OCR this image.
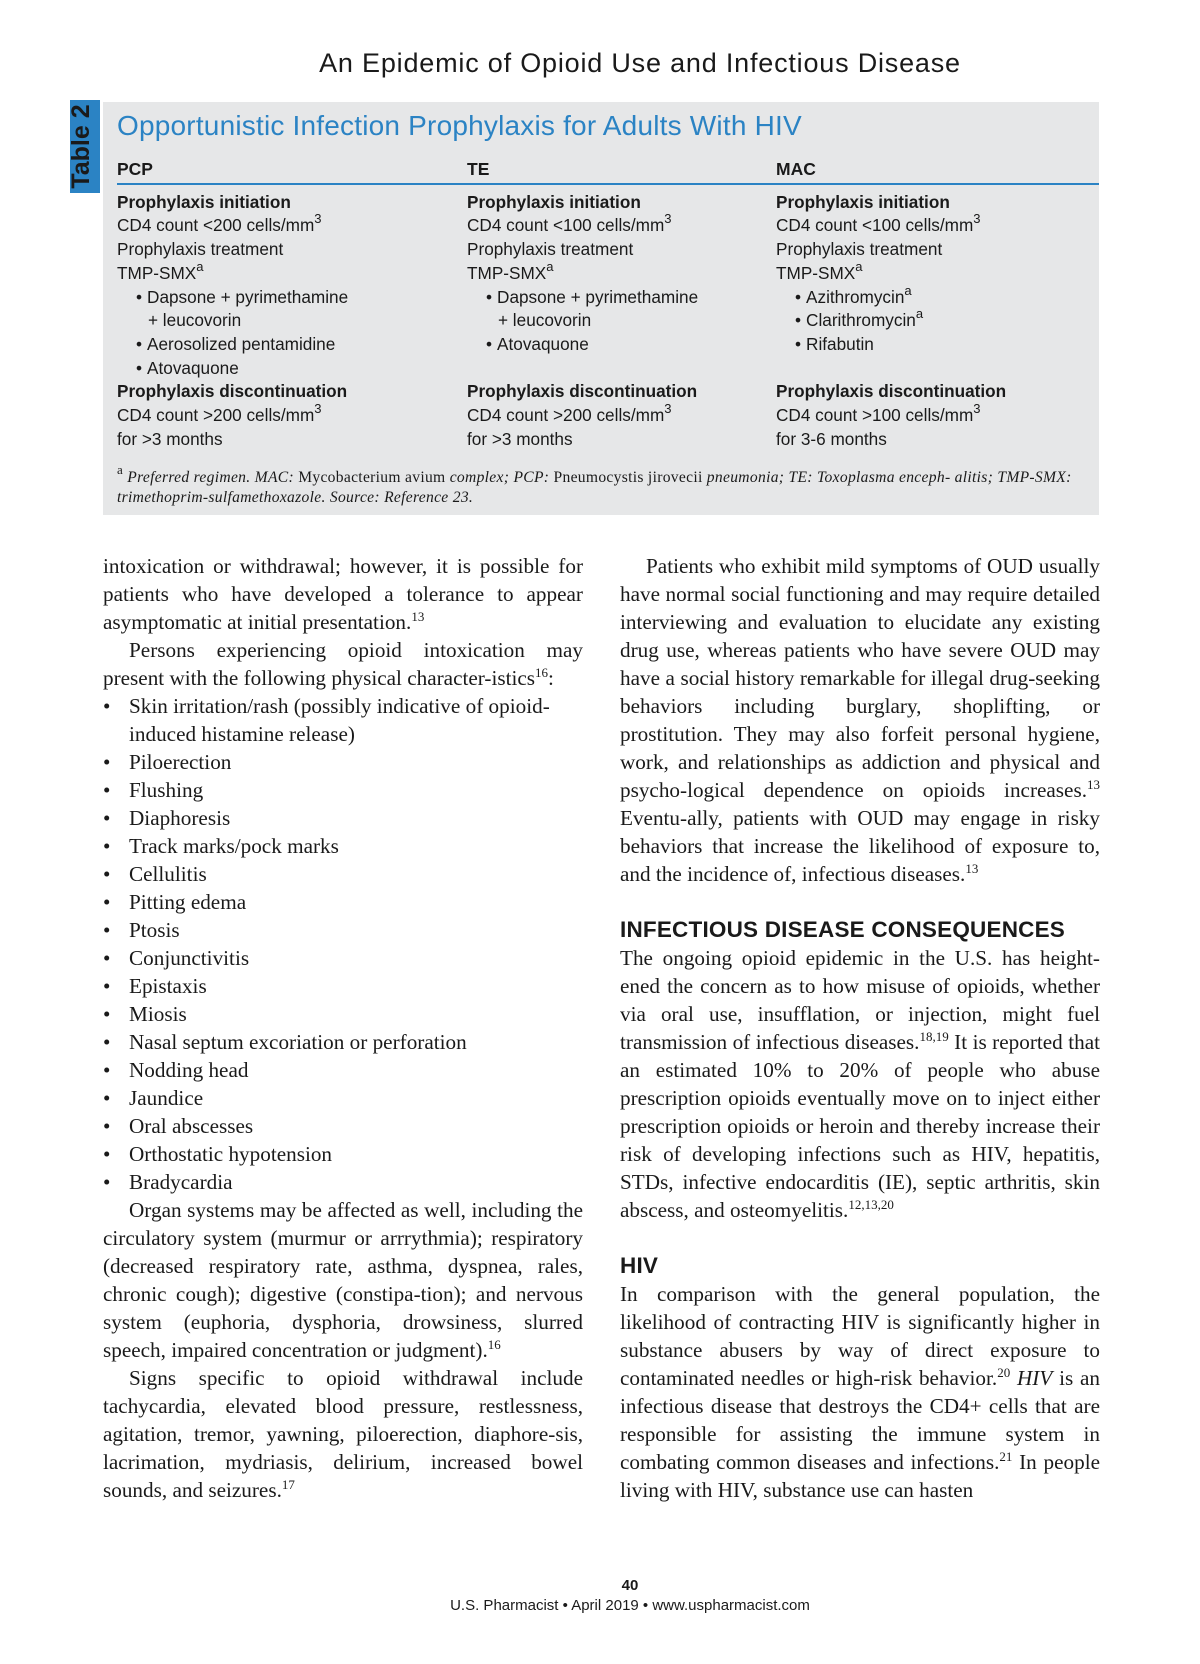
An Epidemic of Opioid Use and Infectious Disease
Table 2 Opportunistic Infection Prophylaxis for Adults With HIV
PCP
Prophylaxis initiation
CD4 count <200 cells/$mm^3$
Prophylaxis treatment
TMP-SMX$^a$
• Dapsone + pyrimethamine
+ leucovorin
• Aerosolized pentamidine
• Atovaquone
Prophylaxis discontinuation
CD4 count >200 cells/$mm^3$
for >3 months
TE
Prophylaxis initiation
CD4 count <100 cells/$mm^3$
Prophylaxis treatment
TMP-SMX$^a$
• Dapsone + pyrimethamine
+ leucovorin
• Atovaquone
Prophylaxis discontinuation
CD4 count >200 cells/$mm^3$
for >3 months
MAC
Prophylaxis initiation
CD4 count <100 cells/$mm^3$
Prophylaxis treatment
TMP-SMX$^a$
• Azithromycin$^a$
• Clarithromycin$^a$
• Rifabutin
Prophylaxis discontinuation
CD4 count >100 cells/$mm^3$
for 3-6 months
$^a$ Preferred regimen. MAC: Mycobacterium avium complex; PCP: Pneumocystis jirovecii pneumonia; TE: Toxoplasma enceph- alitis; TMP-SMX: trimethoprim-sulfamethoxazole. Source: Reference 23.

intoxication or withdrawal; however, it is possible for patients who have developed a tolerance to appear asymptomatic at initial presentation.$^{13}$

Persons experiencing opioid intoxication may present with the following physical character-istics$^{16}$:

• Skin irritation/rash (possibly indicative of opioid-induced histamine release)
• Piloerection
• Flushing
• Diaphoresis
• Track marks/pock marks
• Cellulitis
• Pitting edema
• Ptosis
• Conjunctivitis
• Epistaxis
• Miosis
• Nasal septum excoriation or perforation
• Nodding head
• Jaundice
• Oral abscesses
• Orthostatic hypotension
• Bradycardia

Organ systems may be affected as well, including the circulatory system (murmur or arrrythmia); respiratory (decreased respiratory rate, asthma, dyspnea, rales, chronic cough); digestive (constipa-tion); and nervous system (euphoria, dysphoria, drowsiness, slurred speech, impaired concentration or judgment).$^{16}$

Signs specific to opioid withdrawal include tachycardia, elevated blood pressure, restlessness, agitation, tremor, yawning, piloerection, diaphore-sis, lacrimation, mydriasis, delirium, increased bowel sounds, and seizures.$^{17}$

Patients who exhibit mild symptoms of OUD usually have normal social functioning and may require detailed interviewing and evaluation to elucidate any existing drug use, whereas patients who have severe OUD may have a social history remarkable for illegal drug-seeking behaviors including burglary, shoplifting, or prostitution. They may also forfeit personal hygiene, work, and relationships as addiction and physical and psycho-logical dependence on opioids increases.$^{13}$ Eventu-ally, patients with OUD may engage in risky behaviors that increase the likelihood of exposure to, and the incidence of, infectious diseases.$^{13}$

INFECTIOUS DISEASE CONSEQUENCES

The ongoing opioid epidemic in the U.S. has height-ened the concern as to how misuse of opioids, whether via oral use, insufflation, or injection, might fuel transmission of infectious diseases.$^{18,19}$ It is reported that an estimated 10% to 20% of people who abuse prescription opioids eventually move on to inject either prescription opioids or heroin and thereby increase their risk of developing infections such as HIV, hepatitis, STDs, infective endocarditis (IE), septic arthritis, skin abscess, and osteomyelitis.$^{12,13,20}$

HIV

In comparison with the general population, the likelihood of contracting HIV is significantly higher in substance abusers by way of direct exposure to contaminated needles or high-risk behavior.$^{20}$ HIV is an infectious disease that destroys the CD4+ cells that are responsible for assisting the immune system in combating common diseases and infections.$^{21}$ In people living with HIV, substance use can hasten

40
U.S. Pharmacist • April 2019 • www.uspharmacist.com
